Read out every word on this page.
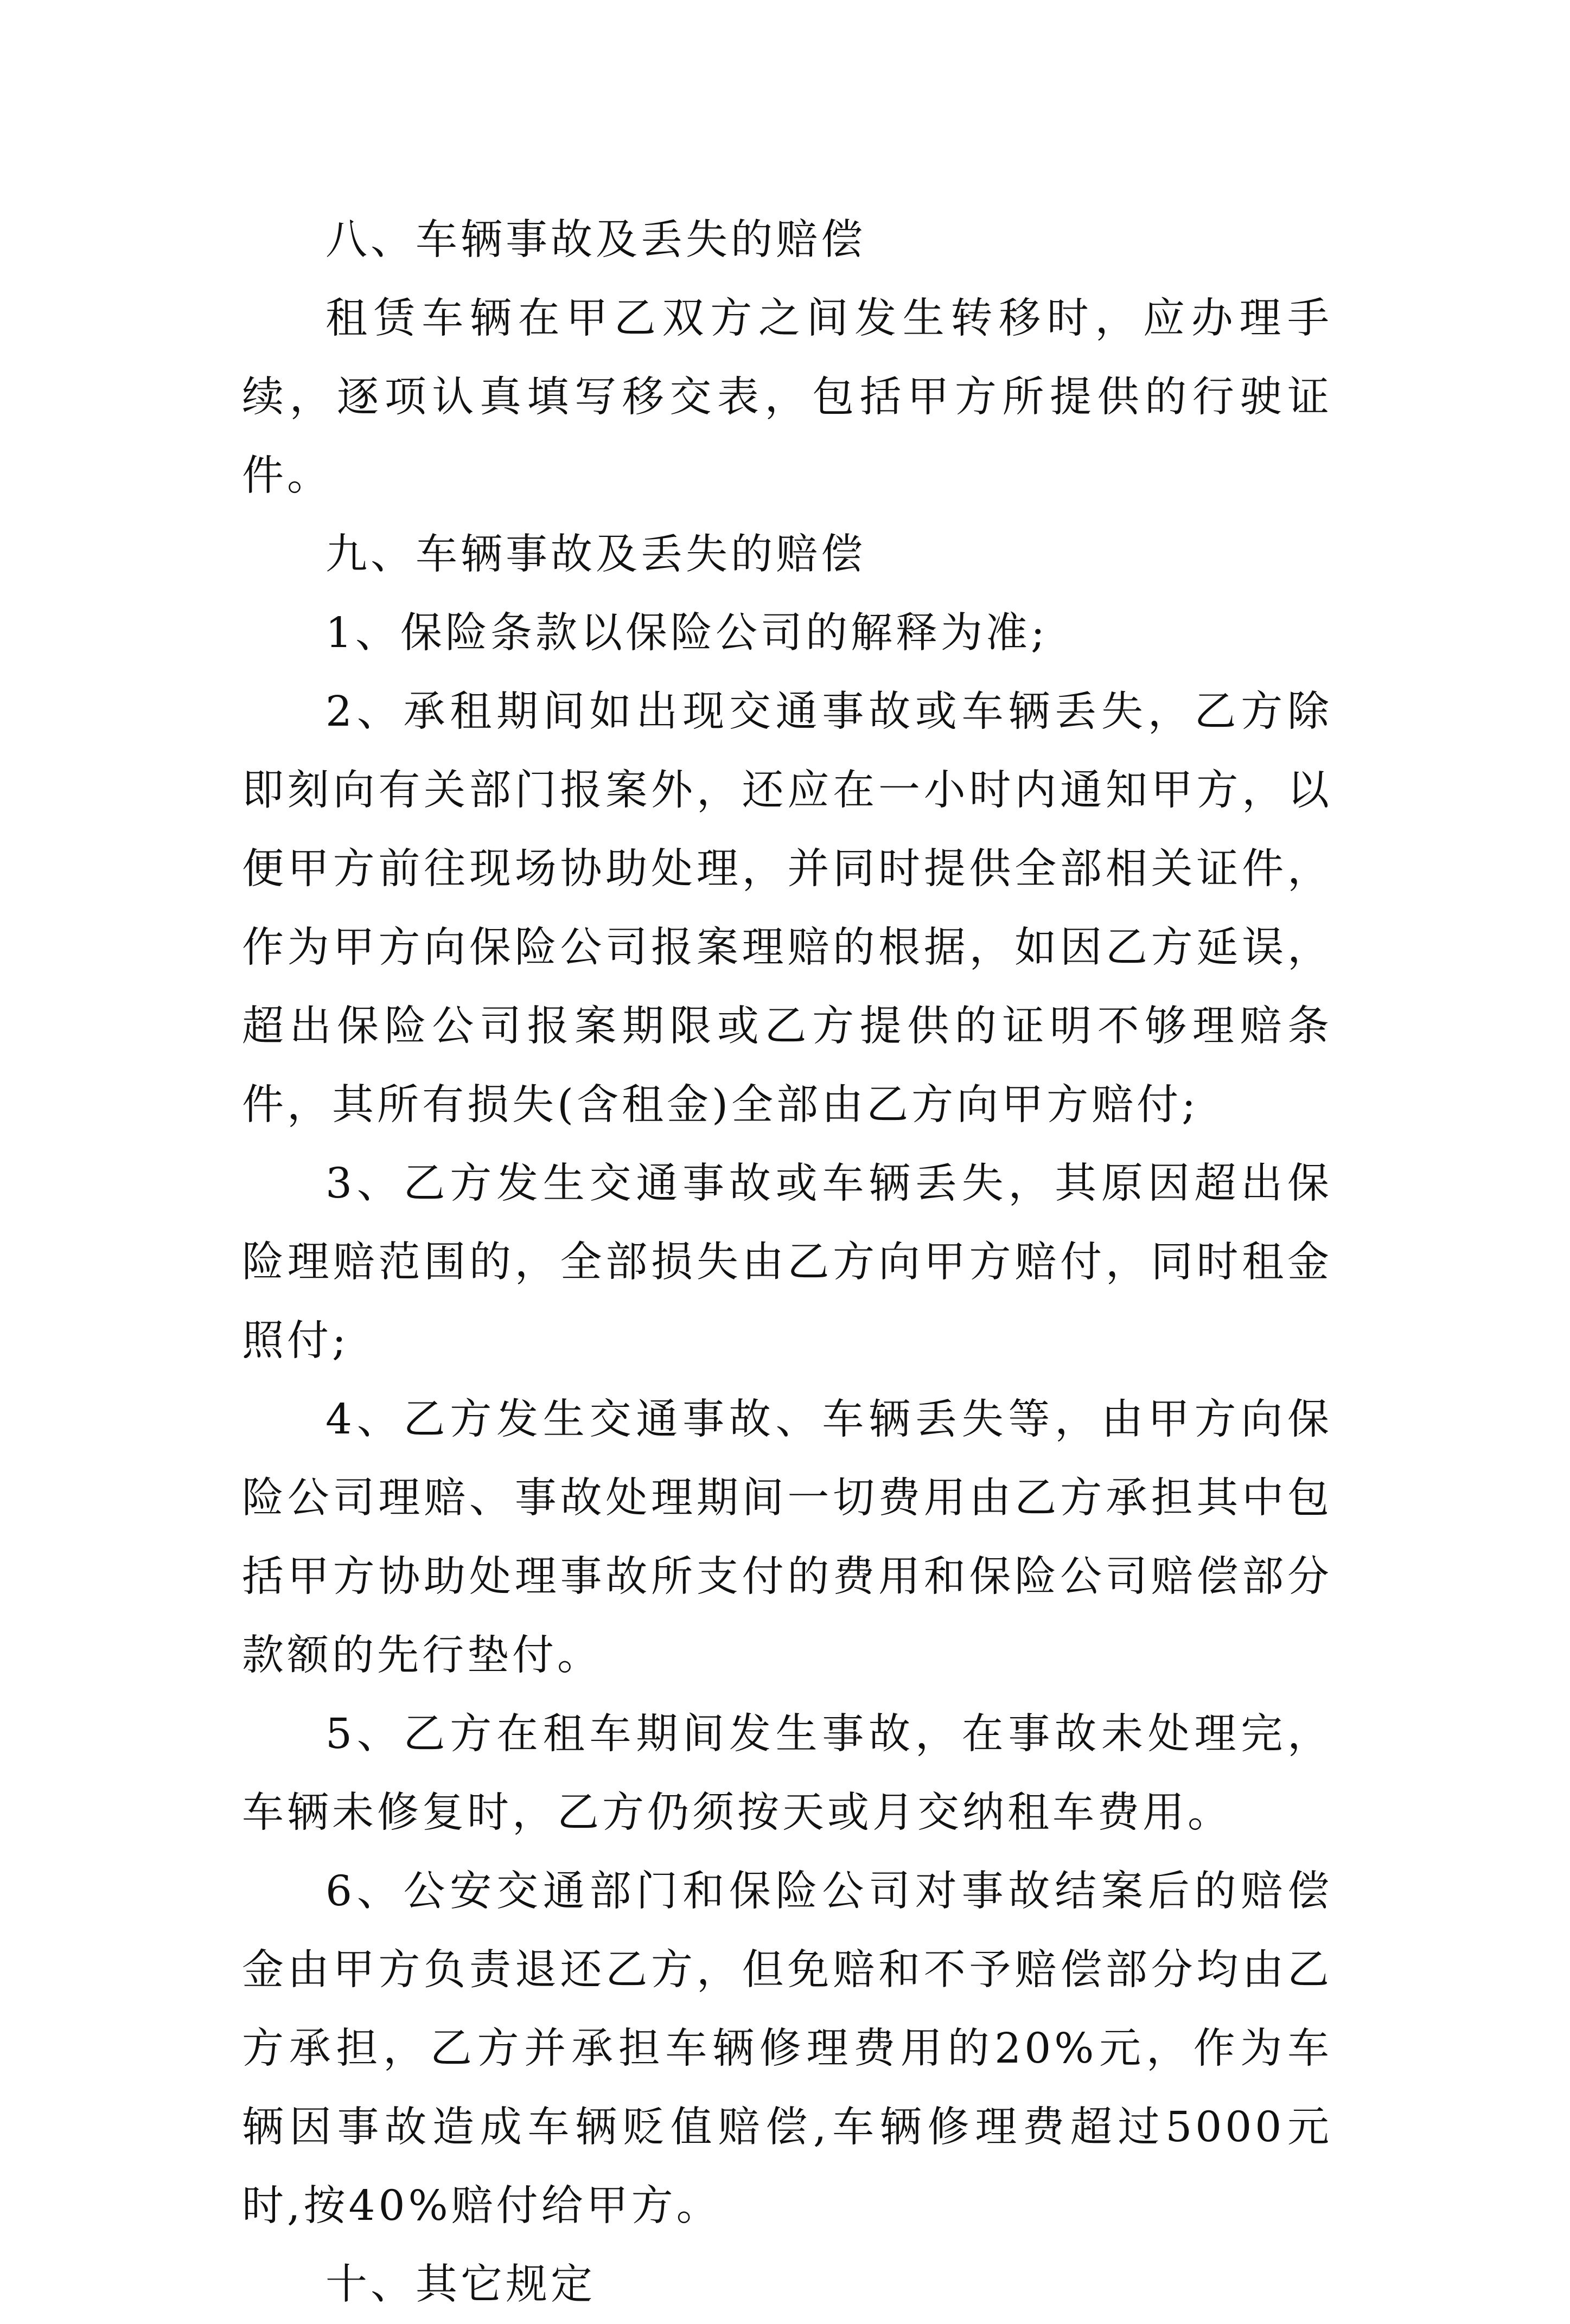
八、车辆事故及丢失的赔偿

租赁车辆在甲乙双方之间发生转移时，应办理手续，逐项认真填写移交表，包括甲方所提供的行驶证件。

九、车辆事故及丢失的赔偿

1、保险条款以保险公司的解释为准;

2、承租期间如出现交通事故或车辆丢失，乙方除即刻向有关部门报案外，还应在一小时内通知甲方，以便甲方前往现场协助处理，并同时提供全部相关证件，作为甲方向保险公司报案理赔的根据，如因乙方延误，超出保险公司报案期限或乙方提供的证明不够理赔条件，其所有损失(含租金)全部由乙方向甲方赔付;

3、乙方发生交通事故或车辆丢失，其原因超出保险理赔范围的，全部损失由乙方向甲方赔付，同时租金照付;

4、乙方发生交通事故、车辆丢失等，由甲方向保险公司理赔、事故处理期间一切费用由乙方承担其中包括甲方协助处理事故所支付的费用和保险公司赔偿部分款额的先行垫付。

5、乙方在租车期间发生事故，在事故未处理完，车辆未修复时，乙方仍须按天或月交纳租车费用。

6、公安交通部门和保险公司对事故结案后的赔偿金由甲方负责退还乙方，但免赔和不予赔偿部分均由乙方承担，乙方并承担车辆修理费用的20%元，作为车辆因事故造成车辆贬值赔偿,车辆修理费超过5000元时,按40%赔付给甲方。

十、其它规定
